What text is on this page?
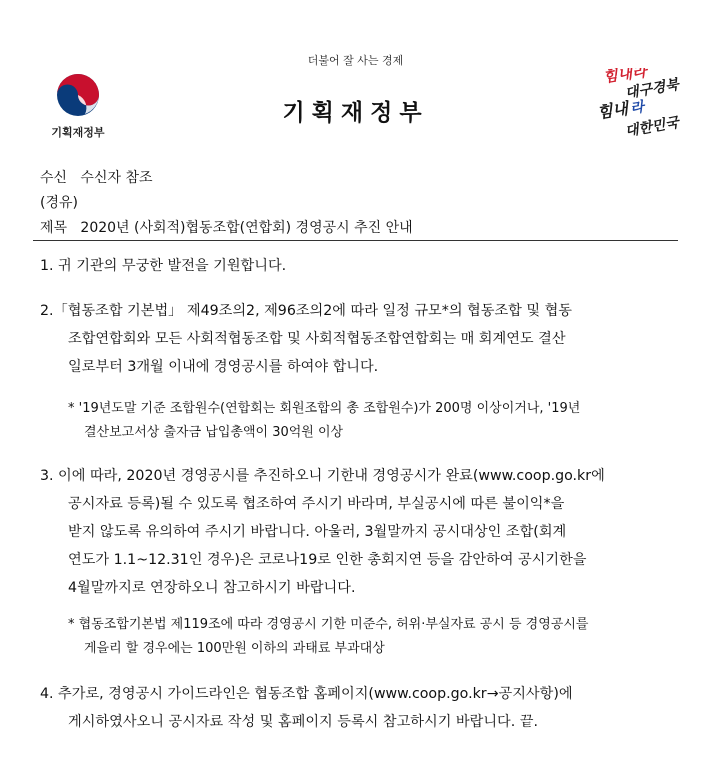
더불어 잘 사는 경제
기획재정부
기획재정부
힘내라
대구경북
힘내 라
대한민국
수신 수신자 참조
(경유)
제목 2020년 (사회적)협동조합(연합회) 경영공시 추진 안내
1. 귀 기관의 무궁한 발전을 기원합니다.
2.「협동조합 기본법」 제49조의2, 제96조의2에 따라 일정 규모*의 협동조합 및 협동
조합연합회와 모든 사회적협동조합 및 사회적협동조합연합회는 매 회계연도 결산
일로부터 3개월 이내에 경영공시를 하여야 합니다.
* '19년도말 기준 조합원수(연합회는 회원조합의 총 조합원수)가 200명 이상이거나, '19년
결산보고서상 출자금 납입총액이 30억원 이상
3. 이에 따라, 2020년 경영공시를 추진하오니 기한내 경영공시가 완료(www.coop.go.kr에
공시자료 등록)될 수 있도록 협조하여 주시기 바라며, 부실공시에 따른 불이익*을
받지 않도록 유의하여 주시기 바랍니다. 아울러, 3월말까지 공시대상인 조합(회계
연도가 1.1~12.31인 경우)은 코로나19로 인한 총회지연 등을 감안하여 공시기한을
4월말까지로 연장하오니 참고하시기 바랍니다.
* 협동조합기본법 제119조에 따라 경영공시 기한 미준수, 허위·부실자료 공시 등 경영공시를
게을리 할 경우에는 100만원 이하의 과태료 부과대상
4. 추가로, 경영공시 가이드라인은 협동조합 홈페이지(www.coop.go.kr→공지사항)에
게시하였사오니 공시자료 작성 및 홈페이지 등록시 참고하시기 바랍니다. 끝.
